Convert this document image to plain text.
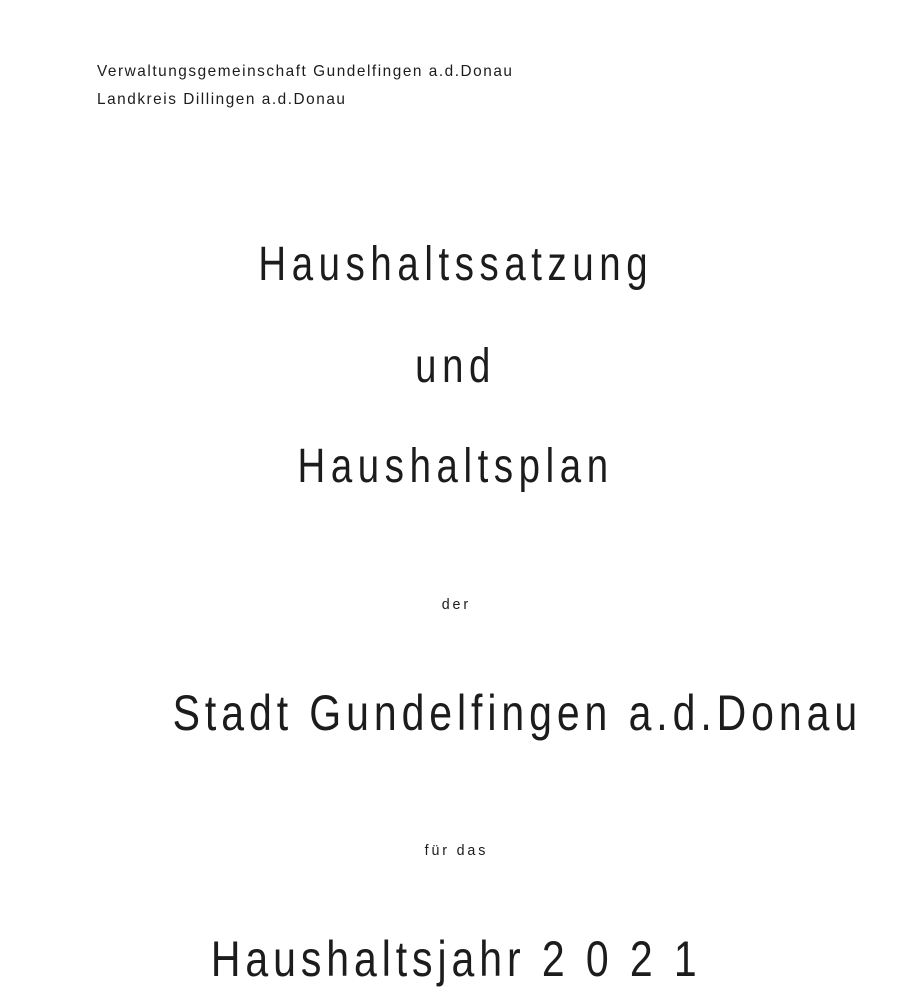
Verwaltungsgemeinschaft Gundelfingen a.d.Donau
Landkreis Dillingen a.d.Donau
Haushaltssatzung
und
Haushaltsplan
der
Stadt Gundelfingen a.d.Donau
für das
Haushaltsjahr 2 0 2 1
